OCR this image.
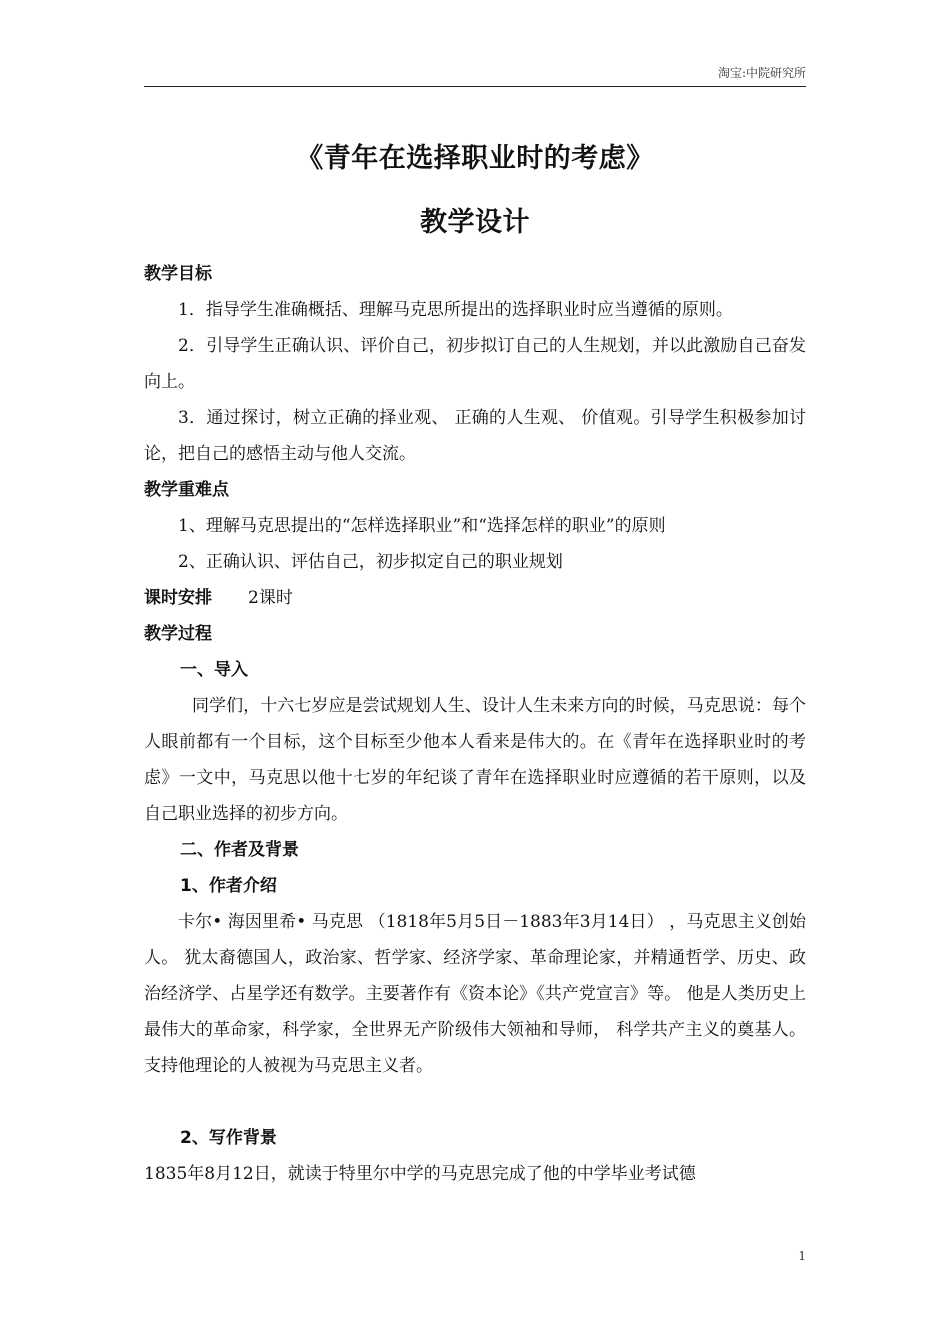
淘宝:中院研究所
《青年在选择职业时的考虑》
教学设计

教学目标

1．指导学生准确概括、理解马克思所提出的选择职业时应当遵循的原则。

2．引导学生正确认识、评价自己，初步拟订自己的人生规划，并以此激励自己奋发向上。

3．通过探讨，树立正确的择业观、 正确的人生观、 价值观。引导学生积极参加讨论，把自己的感悟主动与他人交流。

教学重难点

1、理解马克思提出的“怎样选择职业”和“选择怎样的职业”的原则

2、正确认识、评估自己，初步拟定自己的职业规划

课时安排 2课时

教学过程

一、导入

同学们，十六七岁应是尝试规划人生、设计人生未来方向的时候，马克思说：每个人眼前都有一个目标，这个目标至少他本人看来是伟大的。在《青年在选择职业时的考虑》一文中，马克思以他十七岁的年纪谈了青年在选择职业时应遵循的若干原则，以及自己职业选择的初步方向。

二、作者及背景

1、作者介绍

卡尔• 海因里希• 马克思 （1818年5月5日－1883年3月14日） ，马克思主义创始人。 犹太裔德国人，政治家、哲学家、经济学家、革命理论家，并精通哲学、历史、政治经济学、占星学还有数学。主要著作有《资本论》《共产党宣言》等。 他是人类历史上最伟大的革命家，科学家，全世界无产阶级伟大领袖和导师， 科学共产主义的奠基人。支持他理论的人被视为马克思主义者。

2、写作背景

1835年8月12日，就读于特里尔中学的马克思完成了他的中学毕业考试德

1
